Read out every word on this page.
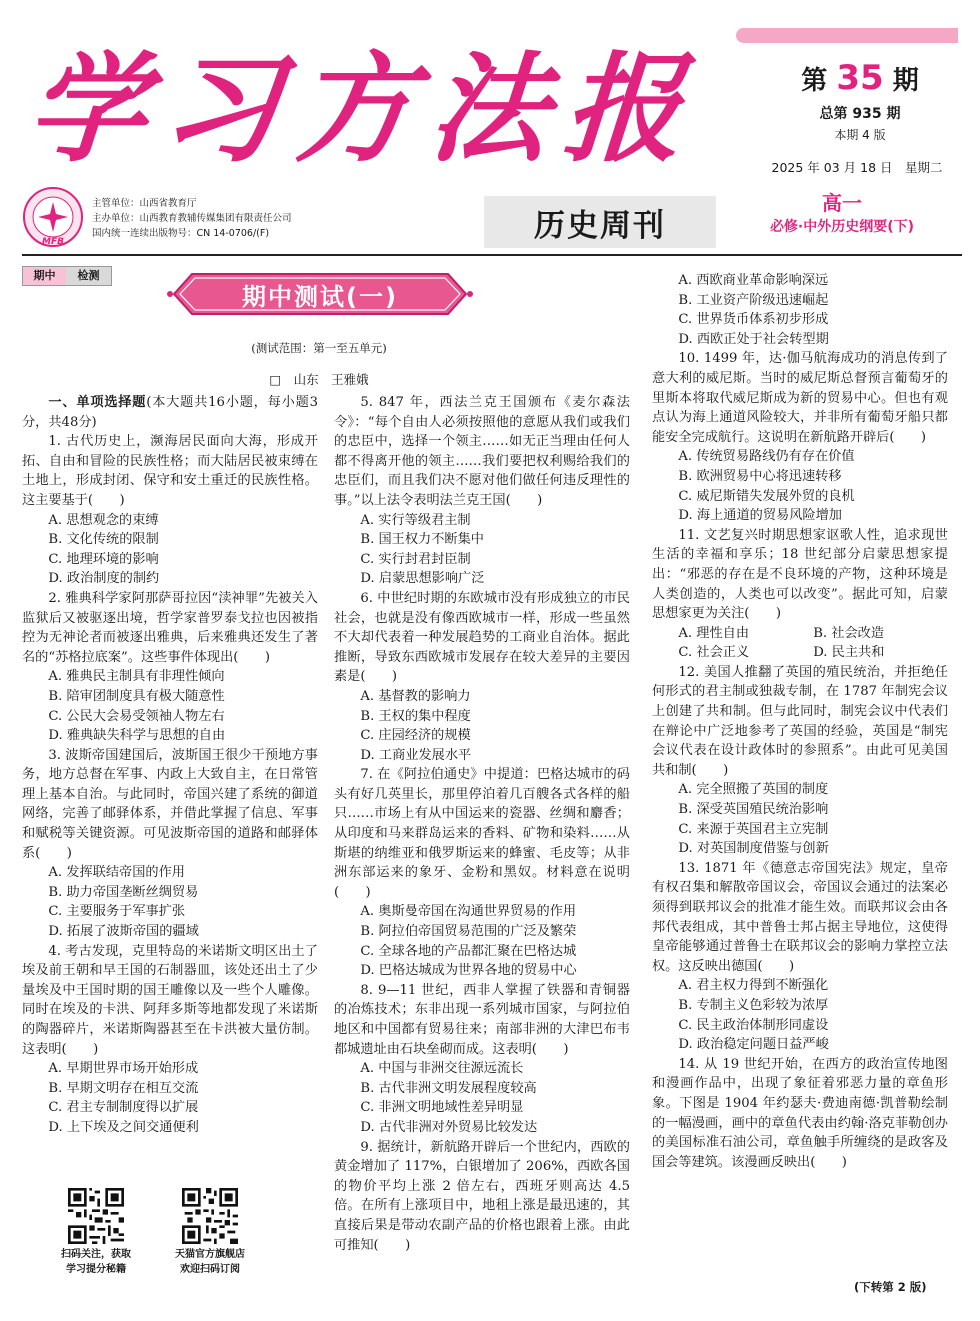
学习方法报	第 35 期
总第 935 期
本期 4 版
2025 年 03 月 18 日　星期二
MFB
主管单位：山西省教育厅
主办单位：山西教育教辅传媒集团有限责任公司
国内统一连续出版物号：CN 14-0706/(F)	历史周刊
高一
必修·中外历史纲要(下)
期中	检测
期中测试(一)
(测试范围：第一至五单元)
□　山东　王雅娥

一、单项选择题(本大题共16小题，每小题3分，共48分)

1. 古代历史上，濒海居民面向大海，形成开拓、自由和冒险的民族性格；而大陆居民被束缚在土地上，形成封闭、保守和安土重迁的民族性格。这主要基于(　　)

A. 思想观念的束缚

B. 文化传统的限制

C. 地理环境的影响

D. 政治制度的制约

2. 雅典科学家阿那萨哥拉因“渎神罪”先被关入监狱后又被驱逐出境，哲学家普罗泰戈拉也因被指控为无神论者而被逐出雅典，后来雅典还发生了著名的“苏格拉底案”。这些事件体现出(　　)

A. 雅典民主制具有非理性倾向

B. 陪审团制度具有极大随意性

C. 公民大会易受领袖人物左右

D. 雅典缺失科学与思想的自由

3. 波斯帝国建国后，波斯国王很少干预地方事务，地方总督在军事、内政上大致自主，在日常管理上基本自治。与此同时，帝国兴建了系统的御道网络，完善了邮驿体系，并借此掌握了信息、军事和赋税等关键资源。可见波斯帝国的道路和邮驿体系(　　)

A. 发挥联结帝国的作用

B. 助力帝国垄断丝绸贸易

C. 主要服务于军事扩张

D. 拓展了波斯帝国的疆域

4. 考古发现，克里特岛的米诺斯文明区出土了埃及前王朝和早王国的石制器皿，该处还出土了少量埃及中王国时期的国王雕像以及一些个人雕像。同时在埃及的卡洪、阿拜多斯等地都发现了米诺斯的陶器碎片，米诺斯陶器甚至在卡洪被大量仿制。这表明(　　)

A. 早期世界市场开始形成

B. 早期文明存在相互交流

C. 君主专制制度得以扩展

D. 上下埃及之间交通便利

扫码关注，获取
学习提分秘籍
天猫官方旗舰店
欢迎扫码订阅

5. 847 年，西法兰克王国颁布《麦尔森法令》：“每个自由人必须按照他的意愿从我们或我们的忠臣中，选择一个领主……如无正当理由任何人都不得离开他的领主……我们要把权利赐给我们的忠臣们，而且我们决不愿对他们做任何违反理性的事。”以上法令表明法兰克王国(　　)

A. 实行等级君主制

B. 国王权力不断集中

C. 实行封君封臣制

D. 启蒙思想影响广泛

6. 中世纪时期的东欧城市没有形成独立的市民社会，也就是没有像西欧城市一样，形成一些虽然不大却代表着一种发展趋势的工商业自治体。据此推断，导致东西欧城市发展存在较大差异的主要因素是(　　)

A. 基督教的影响力

B. 王权的集中程度

C. 庄园经济的规模

D. 工商业发展水平

7. 在《阿拉伯通史》中提道：巴格达城市的码头有好几英里长，那里停泊着几百艘各式各样的船只……市场上有从中国运来的瓷器、丝绸和麝香；从印度和马来群岛运来的香料、矿物和染料……从斯堪的纳维亚和俄罗斯运来的蜂蜜、毛皮等；从非洲东部运来的象牙、金粉和黑奴。材料意在说明(　　)

A. 奥斯曼帝国在沟通世界贸易的作用

B. 阿拉伯帝国贸易范围的广泛及繁荣

C. 全球各地的产品都汇聚在巴格达城

D. 巴格达城成为世界各地的贸易中心

8. 9—11 世纪，西非人掌握了铁器和青铜器的冶炼技术；东非出现一系列城市国家，与阿拉伯地区和中国都有贸易往来；南部非洲的大津巴布韦都城遗址由石块垒砌而成。这表明(　　)

A. 中国与非洲交往源远流长

B. 古代非洲文明发展程度较高

C. 非洲文明地域性差异明显

D. 古代非洲对外贸易比较发达

9. 据统计，新航路开辟后一个世纪内，西欧的黄金增加了 117%，白银增加了 206%，西欧各国的物价平均上涨 2 倍左右，西班牙则高达 4.5 倍。在所有上涨项目中，地租上涨是最迅速的，其直接后果是带动农副产品的价格也跟着上涨。由此可推知(　　)

A. 西欧商业革命影响深远

B. 工业资产阶级迅速崛起

C. 世界货币体系初步形成

D. 西欧正处于社会转型期

10. 1499 年，达·伽马航海成功的消息传到了意大利的威尼斯。当时的威尼斯总督预言葡萄牙的里斯本将取代威尼斯成为新的贸易中心。但也有观点认为海上通道风险较大，并非所有葡萄牙船只都能安全完成航行。这说明在新航路开辟后(　　)

A. 传统贸易路线仍有存在价值

B. 欧洲贸易中心将迅速转移

C. 威尼斯错失发展外贸的良机

D. 海上通道的贸易风险增加

11. 文艺复兴时期思想家讴歌人性，追求现世生活的幸福和享乐；18 世纪部分启蒙思想家提出：“邪恶的存在是不良环境的产物，这种环境是人类创造的，人类也可以改变”。据此可知，启蒙思想家更为关注(　　)

A. 理性自由	B. 社会改造

C. 社会正义	D. 民主共和

12. 美国人推翻了英国的殖民统治，并拒绝任何形式的君主制或独裁专制，在 1787 年制宪会议上创建了共和制。但与此同时，制宪会议中代表们在辩论中广泛地参考了英国的经验，英国是“制宪会议代表在设计政体时的参照系”。由此可见美国共和制(　　)

A. 完全照搬了英国的制度

B. 深受英国殖民统治影响

C. 来源于英国君主立宪制

D. 对英国制度借鉴与创新

13. 1871 年《德意志帝国宪法》规定，皇帝有权召集和解散帝国议会，帝国议会通过的法案必须得到联邦议会的批准才能生效。而联邦议会由各邦代表组成，其中普鲁士邦占据主导地位，这使得皇帝能够通过普鲁士在联邦议会的影响力掌控立法权。这反映出德国(　　)

A. 君主权力得到不断强化

B. 专制主义色彩较为浓厚

C. 民主政治体制形同虚设

D. 政治稳定问题日益严峻

14. 从 19 世纪开始，在西方的政治宣传地图和漫画作品中，出现了象征着邪恶力量的章鱼形象。下图是 1904 年约瑟夫·费迪南德·凯普勒绘制的一幅漫画，画中的章鱼代表由约翰·洛克菲勒创办的美国标准石油公司，章鱼触手所缠绕的是政客及国会等建筑。该漫画反映出(　　)

(下转第 2 版)
